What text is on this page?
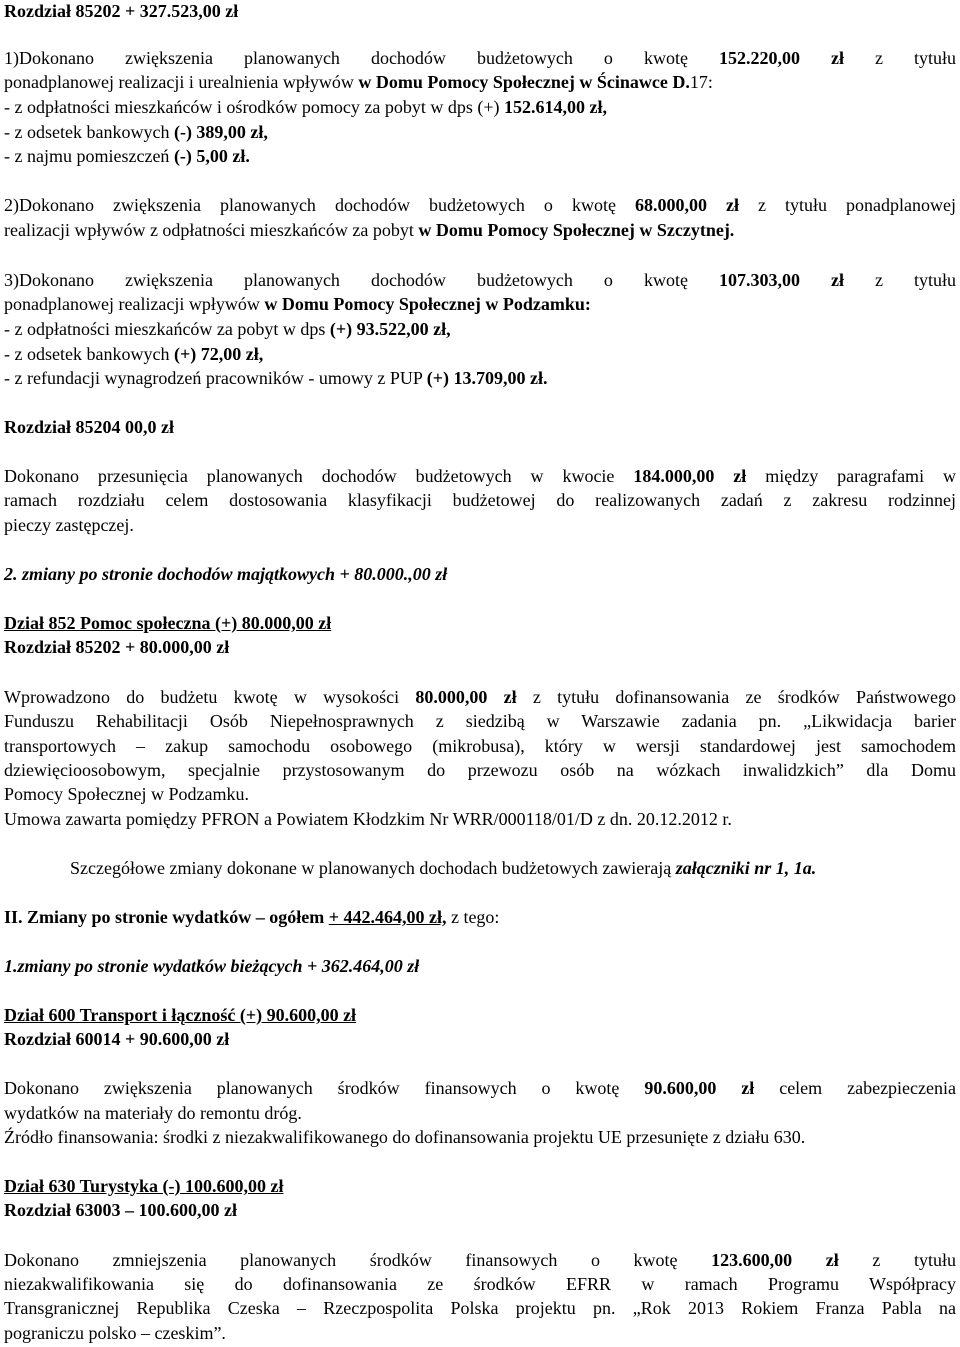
Rozdział 85202 + 327.523,00 zł
1)Dokonano zwiększenia planowanych dochodów budżetowych o kwotę 152.220,00 zł z tytułu
ponadplanowej realizacji i urealnienia wpływów w Domu Pomocy Społecznej w Ścinawce D.17:
- z odpłatności mieszkańców i ośrodków pomocy za pobyt w dps (+) 152.614,00 zł,
- z odsetek bankowych (-) 389,00 zł,
- z najmu pomieszczeń (-) 5,00 zł.
2)Dokonano zwiększenia planowanych dochodów budżetowych o kwotę 68.000,00 zł z tytułu ponadplanowej
realizacji wpływów z odpłatności mieszkańców za pobyt w Domu Pomocy Społecznej w Szczytnej.
3)Dokonano zwiększenia planowanych dochodów budżetowych o kwotę 107.303,00 zł z tytułu
ponadplanowej realizacji wpływów w Domu Pomocy Społecznej w Podzamku:
- z odpłatności mieszkańców za pobyt w dps (+) 93.522,00 zł,
- z odsetek bankowych (+) 72,00 zł,
- z refundacji wynagrodzeń pracowników - umowy z PUP (+) 13.709,00 zł.
Rozdział 85204 00,0 zł
Dokonano przesunięcia planowanych dochodów budżetowych w kwocie 184.000,00 zł między paragrafami w
ramach rozdziału celem dostosowania klasyfikacji budżetowej do realizowanych zadań z zakresu rodzinnej
pieczy zastępczej.
2. zmiany po stronie dochodów majątkowych + 80.000.,00 zł
Dział 852 Pomoc społeczna (+) 80.000,00 zł
Rozdział 85202 + 80.000,00 zł
Wprowadzono do budżetu kwotę w wysokości 80.000,00 zł z tytułu dofinansowania ze środków Państwowego
Funduszu Rehabilitacji Osób Niepełnosprawnych z siedzibą w Warszawie zadania pn. „Likwidacja barier
transportowych – zakup samochodu osobowego (mikrobusa), który w wersji standardowej jest samochodem
dziewięcioosobowym, specjalnie przystosowanym do przewozu osób na wózkach inwalidzkich” dla Domu
Pomocy Społecznej w Podzamku.
Umowa zawarta pomiędzy PFRON a Powiatem Kłodzkim Nr WRR/000118/01/D z dn. 20.12.2012 r.
Szczegółowe zmiany dokonane w planowanych dochodach budżetowych zawierają załączniki nr 1, 1a.
II. Zmiany po stronie wydatków – ogółem + 442.464,00 zł, z tego:
1.zmiany po stronie wydatków bieżących + 362.464,00 zł
Dział 600 Transport i łączność (+) 90.600,00 zł
Rozdział 60014 + 90.600,00 zł
Dokonano zwiększenia planowanych środków finansowych o kwotę 90.600,00 zł celem zabezpieczenia
wydatków na materiały do remontu dróg.
Źródło finansowania: środki z niezakwalifikowanego do dofinansowania projektu UE przesunięte z działu 630.
Dział 630 Turystyka (-) 100.600,00 zł
Rozdział 63003 – 100.600,00 zł
Dokonano zmniejszenia planowanych środków finansowych o kwotę 123.600,00 zł z tytułu
niezakwalifikowania się do dofinansowania ze środków EFRR w ramach Programu Współpracy
Transgranicznej Republika Czeska – Rzeczpospolita Polska projektu pn. „Rok 2013 Rokiem Franza Pabla na
pograniczu polsko – czeskim”.
